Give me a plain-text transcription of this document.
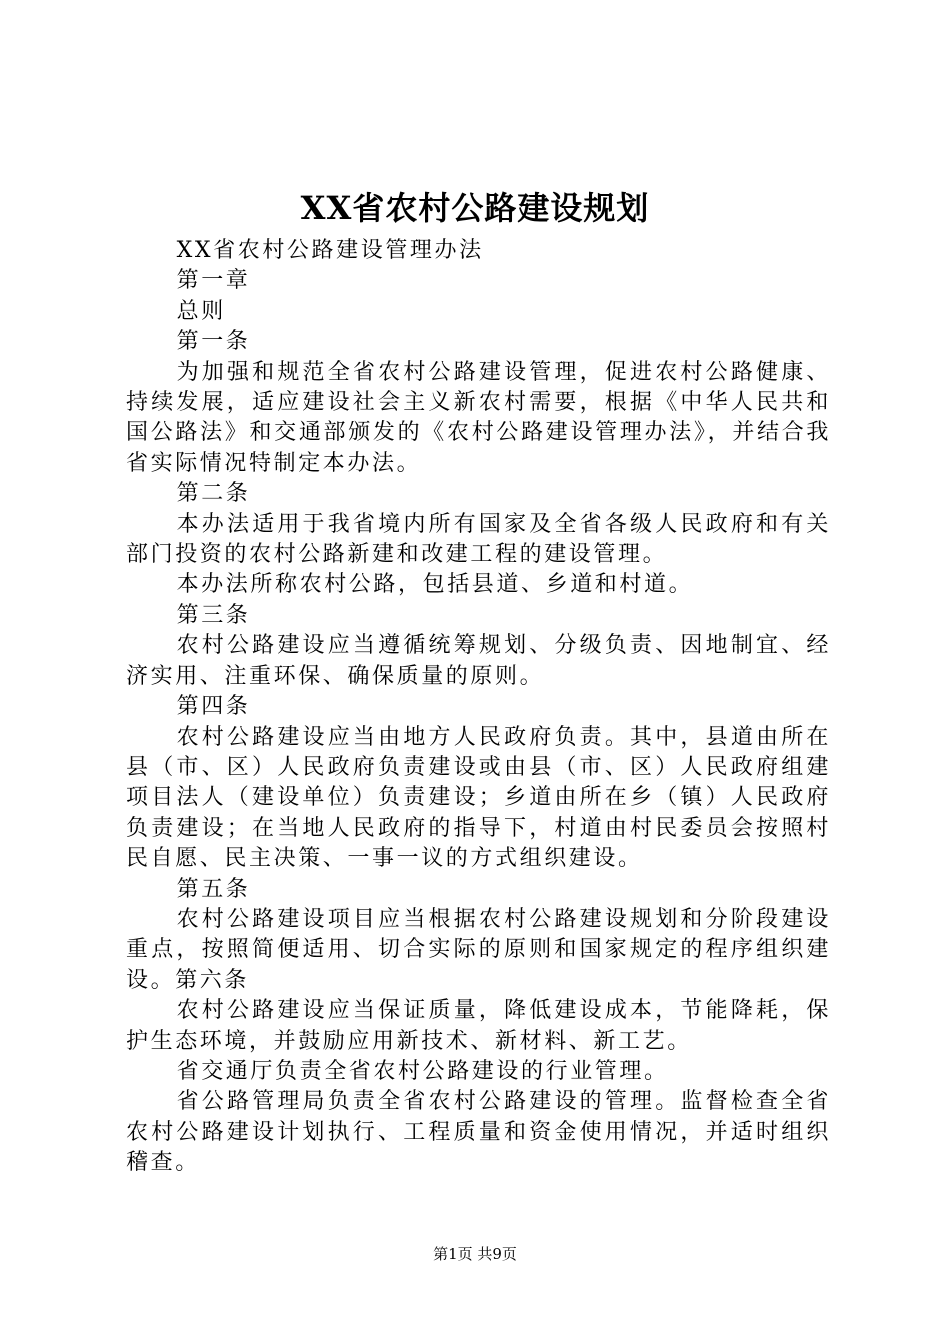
XX省农村公路建设规划

XX省农村公路建设管理办法

第一章

总则

第一条

为加强和规范全省农村公路建设管理，促进农村公路健康、持续发展，适应建设社会主义新农村需要，根据《中华人民共和国公路法》和交通部颁发的《农村公路建设管理办法》，并结合我省实际情况特制定本办法。

第二条

本办法适用于我省境内所有国家及全省各级人民政府和有关部门投资的农村公路新建和改建工程的建设管理。

本办法所称农村公路，包括县道、乡道和村道。

第三条

农村公路建设应当遵循统筹规划、分级负责、因地制宜、经济实用、注重环保、确保质量的原则。

第四条

农村公路建设应当由地方人民政府负责。其中，县道由所在县（市、区）人民政府负责建设或由县（市、区）人民政府组建项目法人（建设单位）负责建设；乡道由所在乡（镇）人民政府负责建设；在当地人民政府的指导下，村道由村民委员会按照村民自愿、民主决策、一事一议的方式组织建设。

第五条

农村公路建设项目应当根据农村公路建设规划和分阶段建设重点，按照简便适用、切合实际的原则和国家规定的程序组织建设。第六条

农村公路建设应当保证质量，降低建设成本，节能降耗，保护生态环境，并鼓励应用新技术、新材料、新工艺。

省交通厅负责全省农村公路建设的行业管理。

省公路管理局负责全省农村公路建设的管理。监督检查全省农村公路建设计划执行、工程质量和资金使用情况，并适时组织稽查。

第1页 共9页
